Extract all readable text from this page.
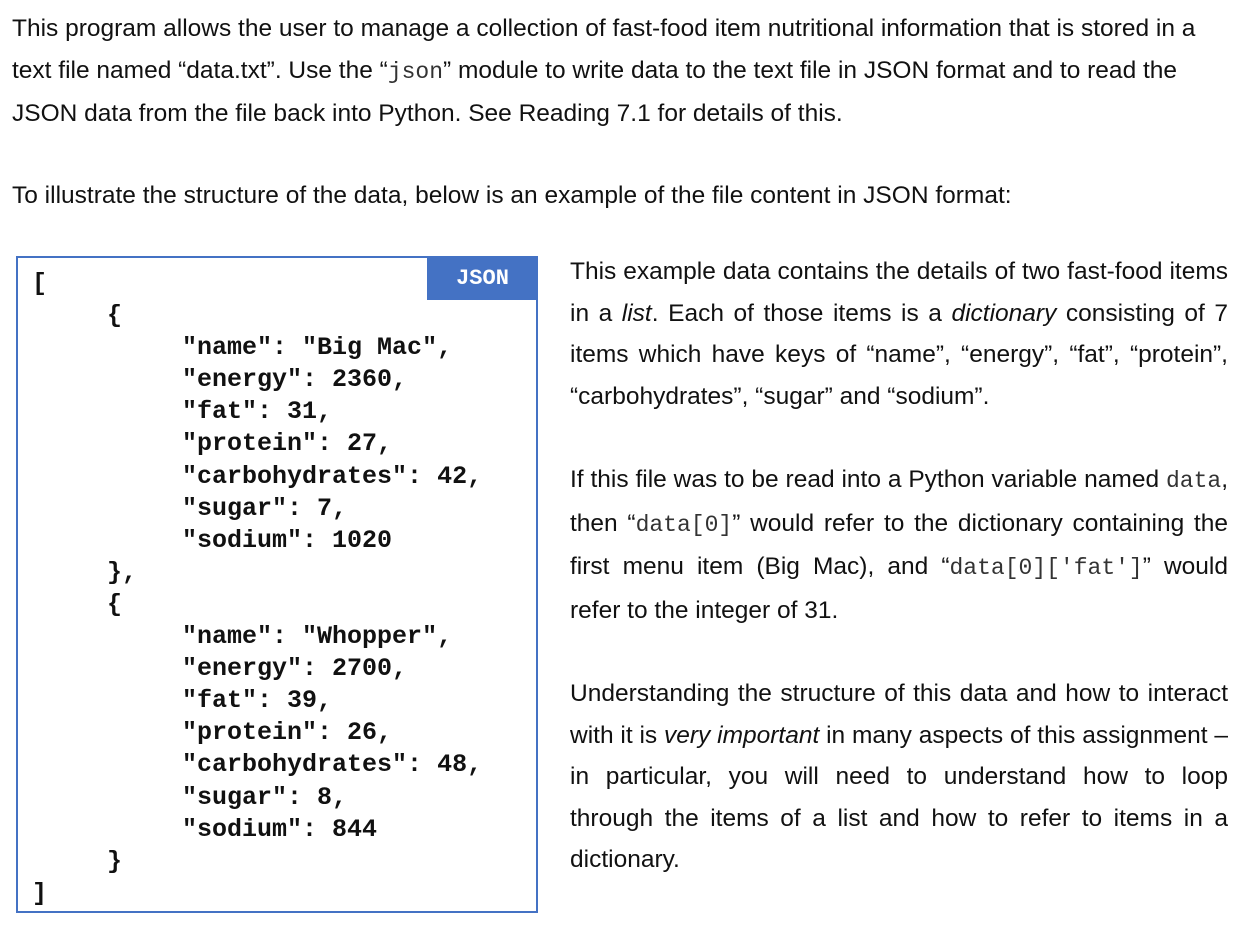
This program allows the user to manage a collection of fast-food item nutritional information that is stored in a text file named “data.txt”. Use the “json” module to write data to the text file in JSON format and to read the JSON data from the file back into Python. See Reading 7.1 for details of this.

To illustrate the structure of the data, below is an example of the file content in JSON format:

JSON
[
{
"name": "Big Mac",
"energy": 2360,
"fat": 31,
"protein": 27,
"carbohydrates": 42,
"sugar": 7,
"sodium": 1020
},
{
"name": "Whopper",
"energy": 2700,
"fat": 39,
"protein": 26,
"carbohydrates": 48,
"sugar": 8,
"sodium": 844
}
]

This example data contains the details of two fast-food items in a list. Each of those items is a dictionary consisting of 7 items which have keys of “name”, “energy”, “fat”, “protein”, “carbohydrates”, “sugar” and “sodium”.

If this file was to be read into a Python variable named data, then “data[0]” would refer to the dictionary containing the first menu item (Big Mac), and “data[0]['fat']” would refer to the integer of 31.

Understanding the structure of this data and how to interact with it is very important in many aspects of this assignment – in particular, you will need to understand how to loop through the items of a list and how to refer to items in a dictionary.
